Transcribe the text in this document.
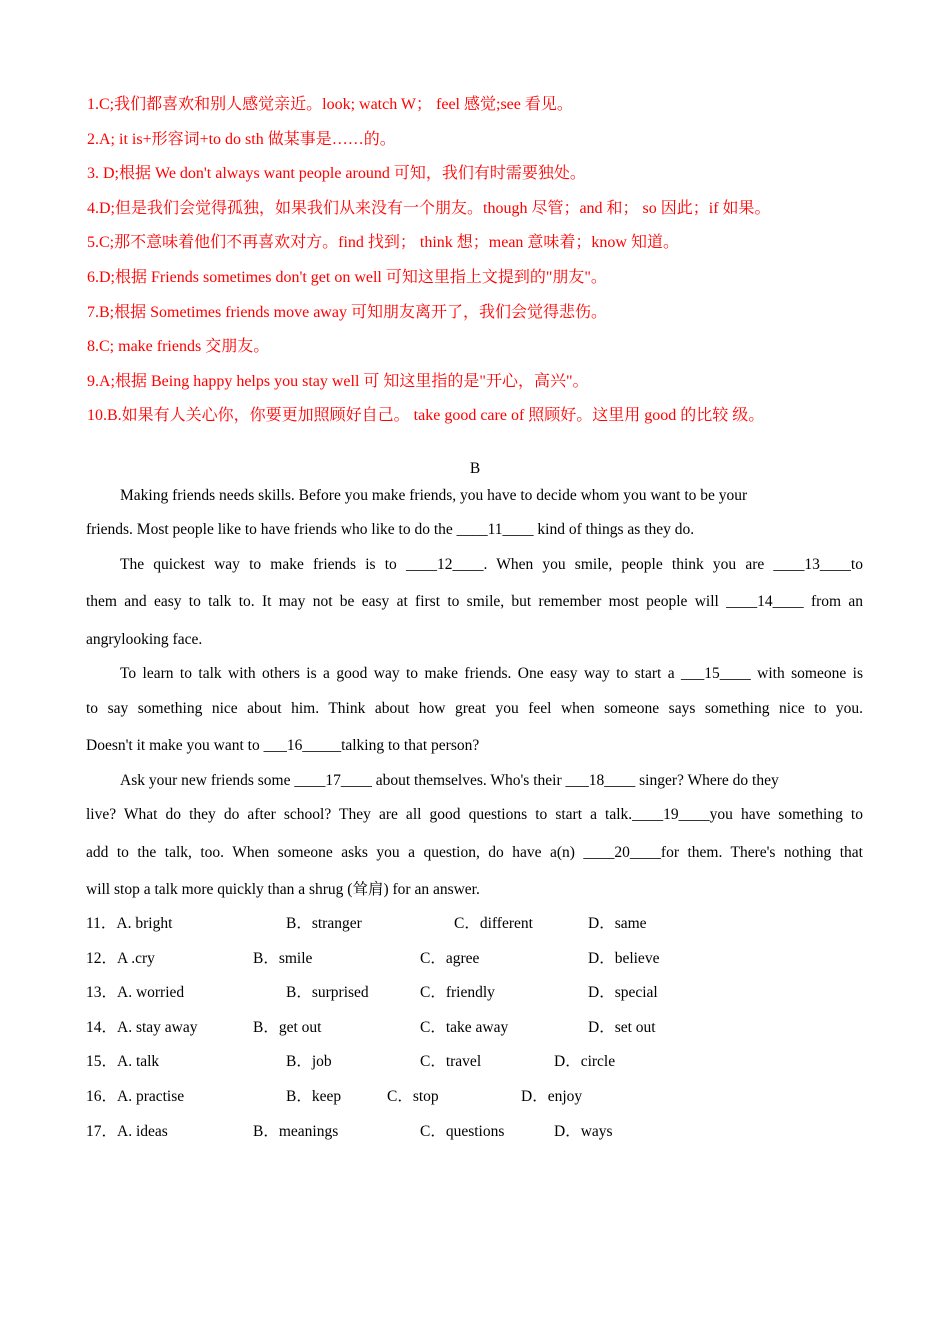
1.C;我们都喜欢和别人感觉亲近。look; watch W； feel 感觉;see 看见。
2.A; it is+形容词+to do sth 做某事是……的。
3. D;根据 We don't always want people around 可知，我们有时需要独处。
4.D;但是我们会觉得孤独，如果我们从来没有一个朋友。though 尽管；and 和； so 因此；if 如果。
5.C;那不意味着他们不再喜欢对方。find 找到； think 想；mean 意味着；know 知道。
6.D;根据 Friends sometimes don't get on well 可知这里指上文提到的"朋友"。
7.B;根据 Sometimes friends move away 可知朋友离开了，我们会觉得悲伤。
8.C; make friends 交朋友。
9.A;根据 Being happy helps you stay well 可 知这里指的是"开心，高兴"。
10.B.如果有人关心你，你要更加照顾好自己。 take good care of 照顾好。这里用 good 的比较 级。
B
Making friends needs skills. Before you make friends, you have to decide whom you want to be your
friends. Most people like to have friends who like to do the ____11____ kind of things as they do.
The quickest way to make friends is to ____12____. When you smile, people think you are ____13____to
them and easy to talk to. It may not be easy at first to smile, but remember most people will ____14____ from an
angrylooking face.
To learn to talk with others is a good way to make friends. One easy way to start a ___15____ with someone is
to say something nice about him. Think about how great you feel when someone says something nice to you.
Doesn't it make you want to ___16_____talking to that person?
Ask your new friends some ____17____ about themselves. Who's their ___18____ singer? Where do they
live? What do they do after school? They are all good questions to start a talk.____19____you have something to
add to the talk, too. When someone asks you a question, do have a(n) ____20____for them. There's nothing that
will stop a talk more quickly than a shrug (耸肩) for an answer.
11．A. bright	B．stranger	C．different	D．same
12．A .cry	B．smile	C．agree	D．believe
13．A. worried	B．surprised	C．friendly	D．special
14．A. stay away	B．get out	C．take away	D．set out
15．A. talk	B．job	C．travel	D．circle
16．A. practise	B．keep	C．stop	D．enjoy
17．A. ideas	B．meanings	C．questions	D．ways
